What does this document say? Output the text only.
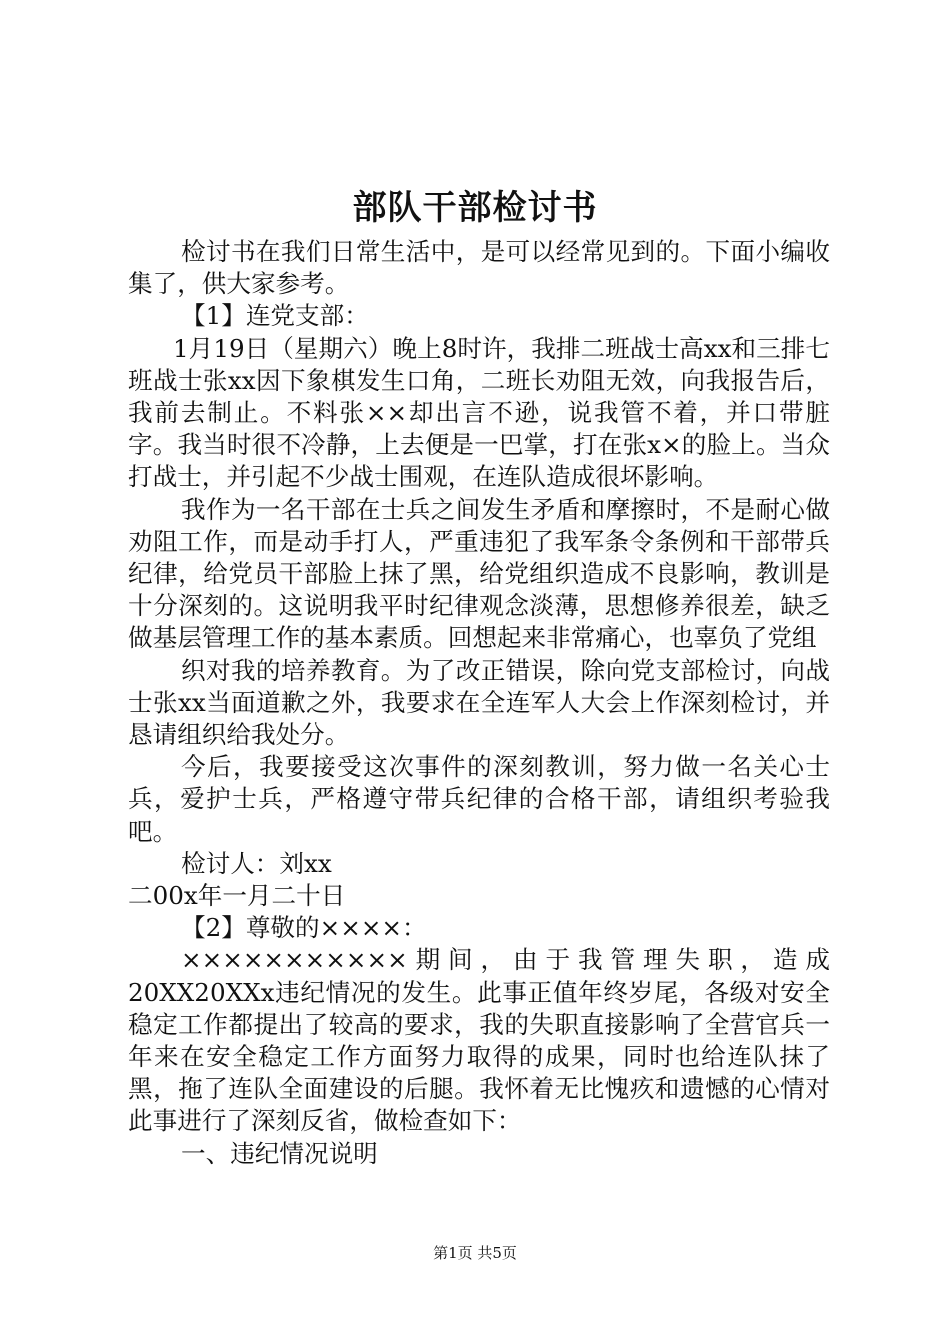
部队干部检讨书

检讨书在我们日常生活中，是可以经常见到的。下面小编收集了，供大家参考。

【1】连党支部：

1月19日（星期六）晚上8时许，我排二班战士高xx和三排七班战士张xx因下象棋发生口角，二班长劝阻无效，向我报告后，我前去制止。不料张××却出言不逊，说我管不着，并口带脏字。我当时很不冷静，上去便是一巴掌，打在张x×的脸上。当众打战士，并引起不少战士围观，在连队造成很坏影响。

我作为一名干部在士兵之间发生矛盾和摩擦时，不是耐心做劝阻工作，而是动手打人，严重违犯了我军条令条例和干部带兵纪律，给党员干部脸上抹了黑，给党组织造成不良影响，教训是十分深刻的。这说明我平时纪律观念淡薄，思想修养很差，缺乏做基层管理工作的基本素质。回想起来非常痛心，也辜负了党组

织对我的培养教育。为了改正错误，除向党支部检讨，向战士张xx当面道歉之外，我要求在全连军人大会上作深刻检讨，并恳请组织给我处分。

今后，我要接受这次事件的深刻教训，努力做一名关心士兵，爱护士兵，严格遵守带兵纪律的合格干部，请组织考验我吧。

检讨人：刘xx

二00x年一月二十日

【2】尊敬的××××：

×××××××××××期间，由于我管理失职，造成20XX20XXx违纪情况的发生。此事正值年终岁尾，各级对安全稳定工作都提出了较高的要求，我的失职直接影响了全营官兵一年来在安全稳定工作方面努力取得的成果，同时也给连队抹了黑，拖了连队全面建设的后腿。我怀着无比愧疚和遗憾的心情对此事进行了深刻反省，做检查如下：

一、违纪情况说明

第1页 共5页
